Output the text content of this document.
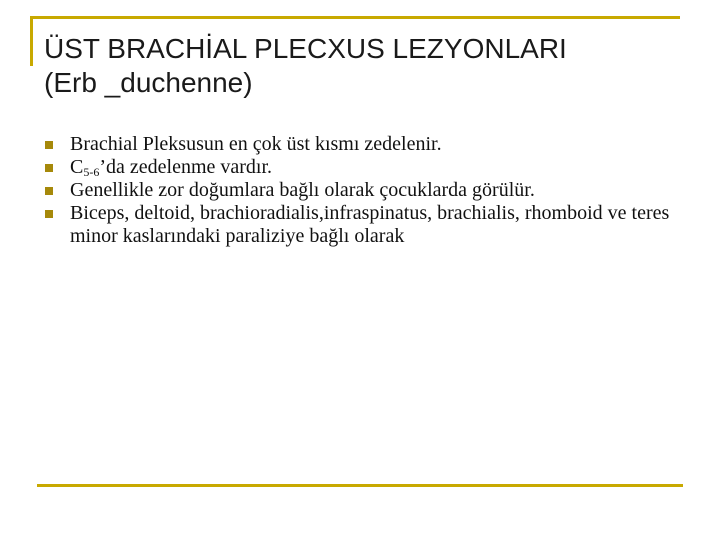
ÜST BRACHİAL PLECXUS LEZYONLARI
(Erb _duchenne)
Brachial Pleksusun en çok üst kısmı zedelenir.
$C_{5-6}’da$ zedelenme vardır.
Genellikle zor doğumlara bağlı olarak çocuklarda görülür.
Biceps, deltoid, brachioradialis,infraspinatus, brachialis, rhomboid ve teres minor kaslarındaki paraliziye bağlı olarak
